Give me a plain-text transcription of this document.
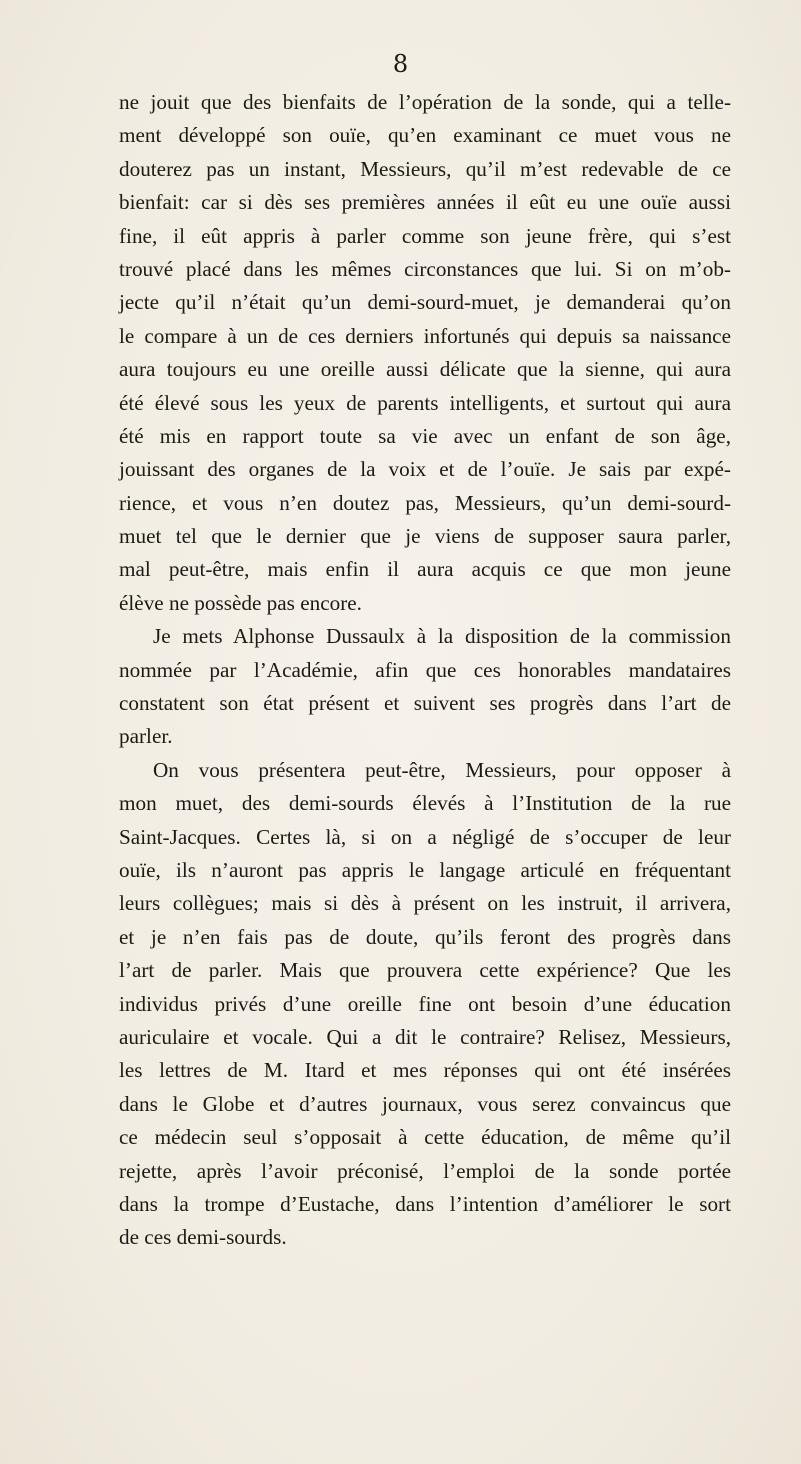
8
ne jouit que des bienfaits de l’opération de la sonde, qui a telle-
ment développé son ouïe, qu’en examinant ce muet vous ne
douterez pas un instant, Messieurs, qu’il m’est redevable de ce
bienfait: car si dès ses premières années il eût eu une ouïe aussi
fine, il eût appris à parler comme son jeune frère, qui s’est
trouvé placé dans les mêmes circonstances que lui. Si on m’ob-
jecte qu’il n’était qu’un demi-sourd-muet, je demanderai qu’on
le compare à un de ces derniers infortunés qui depuis sa naissance
aura toujours eu une oreille aussi délicate que la sienne, qui aura
été élevé sous les yeux de parents intelligents, et surtout qui aura
été mis en rapport toute sa vie avec un enfant de son âge,
jouissant des organes de la voix et de l’ouïe. Je sais par expé-
rience, et vous n’en doutez pas, Messieurs, qu’un demi-sourd-
muet tel que le dernier que je viens de supposer saura parler,
mal peut-être, mais enfin il aura acquis ce que mon jeune
élève ne possède pas encore.
Je mets Alphonse Dussaulx à la disposition de la commission
nommée par l’Académie, afin que ces honorables mandataires
constatent son état présent et suivent ses progrès dans l’art de
parler.
On vous présentera peut-être, Messieurs, pour opposer à
mon muet, des demi-sourds élevés à l’Institution de la rue
Saint-Jacques. Certes là, si on a négligé de s’occuper de leur
ouïe, ils n’auront pas appris le langage articulé en fréquentant
leurs collègues; mais si dès à présent on les instruit, il arrivera,
et je n’en fais pas de doute, qu’ils feront des progrès dans
l’art de parler. Mais que prouvera cette expérience? Que les
individus privés d’une oreille fine ont besoin d’une éducation
auriculaire et vocale. Qui a dit le contraire? Relisez, Messieurs,
les lettres de M. Itard et mes réponses qui ont été insérées
dans le Globe et d’autres journaux, vous serez convaincus que
ce médecin seul s’opposait à cette éducation, de même qu’il
rejette, après l’avoir préconisé, l’emploi de la sonde portée
dans la trompe d’Eustache, dans l’intention d’améliorer le sort
de ces demi-sourds.
